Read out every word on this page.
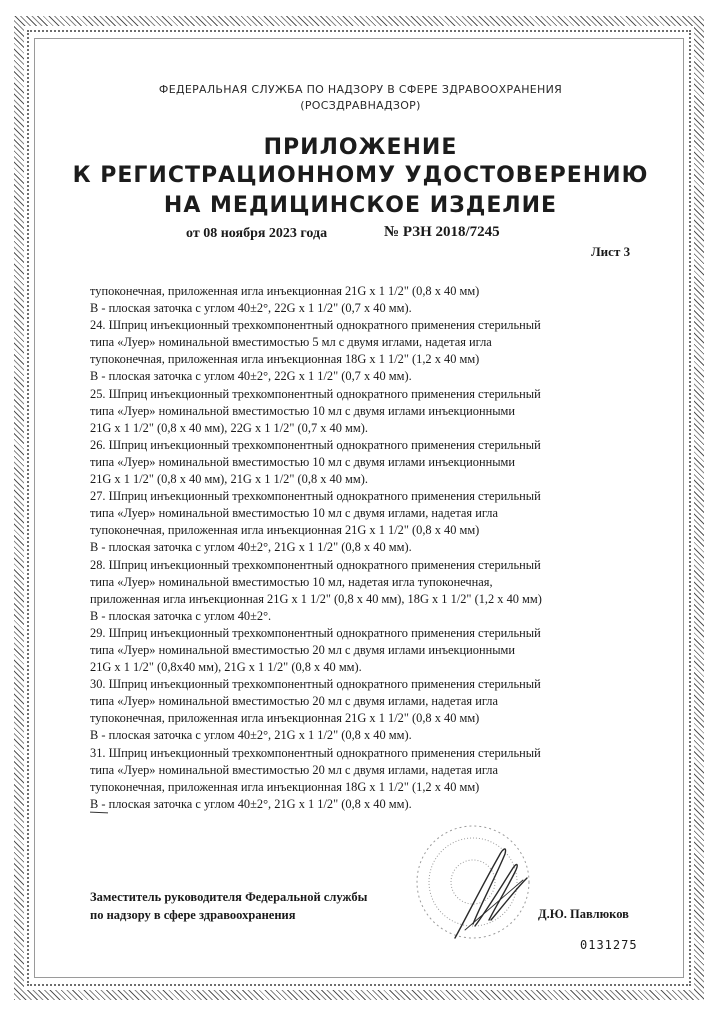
ФЕДЕРАЛЬНАЯ СЛУЖБА ПО НАДЗОРУ В СФЕРЕ ЗДРАВООХРАНЕНИЯ
(РОСЗДРАВНАДЗОР)
ПРИЛОЖЕНИЕ
К РЕГИСТРАЦИОННОМУ УДОСТОВЕРЕНИЮ
НА МЕДИЦИНСКОЕ ИЗДЕЛИЕ
от 08 ноября 2023 года	№ РЗН 2018/7245
Лист 3
тупоконечная, приложенная игла инъекционная 21G x 1 1/2" (0,8 x 40 мм)
В - плоская заточка с углом 40±2°, 22G x 1 1/2" (0,7 x 40 мм).
24. Шприц инъекционный трехкомпонентный однократного применения стерильный
типа «Луер» номинальной вместимостью 5 мл с двумя иглами, надетая игла
тупоконечная, приложенная игла инъекционная 18G x 1 1/2" (1,2 x 40 мм)
В - плоская заточка с углом 40±2°, 22G x 1 1/2" (0,7 x 40 мм).
25. Шприц инъекционный трехкомпонентный однократного применения стерильный
типа «Луер» номинальной вместимостью 10 мл с двумя иглами инъекционными
21G x 1 1/2" (0,8 x 40 мм), 22G x 1 1/2" (0,7 x 40 мм).
26. Шприц инъекционный трехкомпонентный однократного применения стерильный
типа «Луер» номинальной вместимостью 10 мл с двумя иглами инъекционными
21G x 1 1/2" (0,8 x 40 мм), 21G x 1 1/2" (0,8 x 40 мм).
27. Шприц инъекционный трехкомпонентный однократного применения стерильный
типа «Луер» номинальной вместимостью 10 мл с двумя иглами, надетая игла
тупоконечная, приложенная игла инъекционная 21G x 1 1/2" (0,8 x 40 мм)
В - плоская заточка с углом 40±2°, 21G x 1 1/2" (0,8 x 40 мм).
28. Шприц инъекционный трехкомпонентный однократного применения стерильный
типа «Луер» номинальной вместимостью 10 мл, надетая игла тупоконечная,
приложенная игла инъекционная 21G x 1 1/2" (0,8 x 40 мм), 18G x 1 1/2" (1,2 x 40 мм)
В - плоская заточка с углом 40±2°.
29. Шприц инъекционный трехкомпонентный однократного применения стерильный
типа «Луер» номинальной вместимостью 20 мл с двумя иглами инъекционными
21G x 1 1/2" (0,8x40 мм), 21G x 1 1/2" (0,8 x 40 мм).
30. Шприц инъекционный трехкомпонентный однократного применения стерильный
типа «Луер» номинальной вместимостью 20 мл с двумя иглами, надетая игла
тупоконечная, приложенная игла инъекционная 21G x 1 1/2" (0,8 x 40 мм)
В - плоская заточка с углом 40±2°, 21G x 1 1/2" (0,8 x 40 мм).
31. Шприц инъекционный трехкомпонентный однократного применения стерильный
типа «Луер» номинальной вместимостью 20 мл с двумя иглами, надетая игла
тупоконечная, приложенная игла инъекционная 18G x 1 1/2" (1,2 x 40 мм)
В - плоская заточка с углом 40±2°, 21G x 1 1/2" (0,8 x 40 мм).
Заместитель руководителя Федеральной службы
по надзору в сфере здравоохранения	Д.Ю. Павлюков
0131275
